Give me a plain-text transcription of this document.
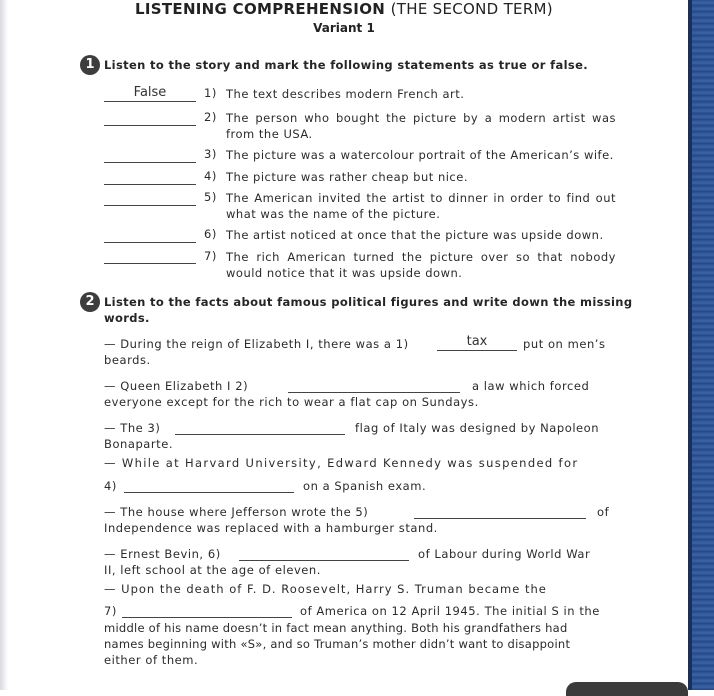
LISTENING COMPREHENSION (THE SECOND TERM)
Variant 1
1 Listen to the story and mark the following statements as true or false.
False	1) The text describes modern French art.
2) The person who bought the picture by a modern artist was from the USA.
3) The picture was a watercolour portrait of the American’s wife.
4) The picture was rather cheap but nice.
5) The American invited the artist to dinner in order to find out what was the name of the picture.
6) The artist noticed at once that the picture was upside down.
7) The rich American turned the picture over so that nobody would notice that it was upside down.
2 Listen to the facts about famous political figures and write down the missing
words.
— During the reign of Elizabeth I, there was a 1)	tax	put on men’s
beards.
— Queen Elizabeth I 2)	a law which forced
everyone except for the rich to wear a flat cap on Sundays.
— The 3)	flag of Italy was designed by Napoleon
Bonaparte.
— While at Harvard University, Edward Kennedy was suspended for
4)	on a Spanish exam.
— The house where Jefferson wrote the 5)	of
Independence was replaced with a hamburger stand.
— Ernest Bevin, 6)	of Labour during World War
II, left school at the age of eleven.
— Upon the death of F. D. Roosevelt, Harry S. Truman became the
7)	of America on 12 April 1945. The initial S in the
middle of his name doesn’t in fact mean anything. Both his grandfathers had
names beginning with «S», and so Truman’s mother didn’t want to disappoint
either of them.
